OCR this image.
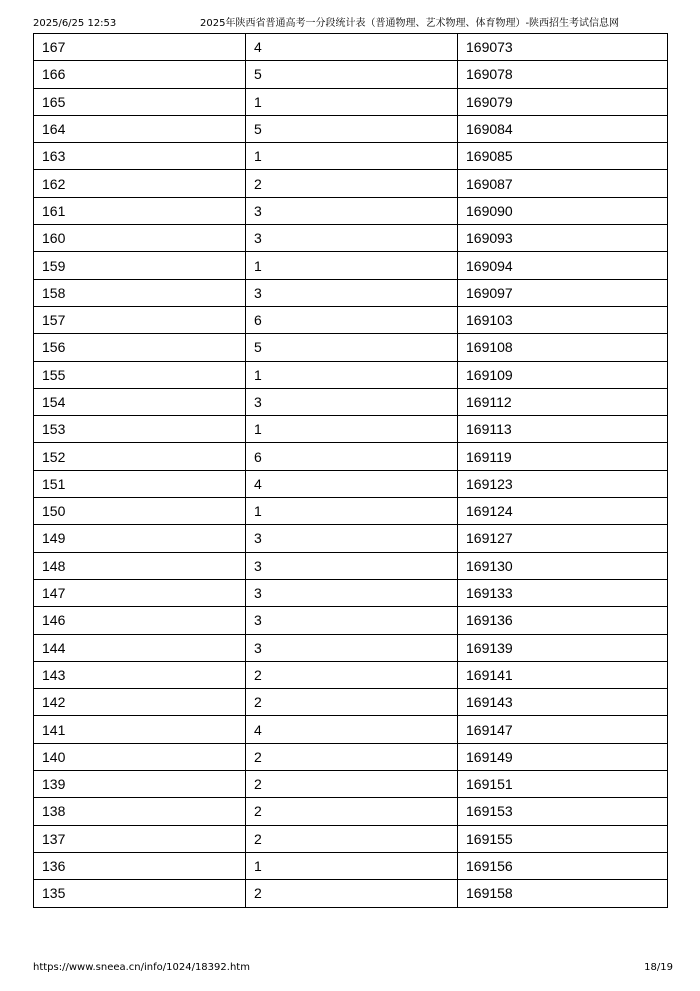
2025/6/25 12:53	2025年陕西省普通高考一分段统计表（普通物理、艺术物理、体育物理）-陕西招生考试信息网
167	4	169073
166	5	169078
165	1	169079
164	5	169084
163	1	169085
162	2	169087
161	3	169090
160	3	169093
159	1	169094
158	3	169097
157	6	169103
156	5	169108
155	1	169109
154	3	169112
153	1	169113
152	6	169119
151	4	169123
150	1	169124
149	3	169127
148	3	169130
147	3	169133
146	3	169136
144	3	169139
143	2	169141
142	2	169143
141	4	169147
140	2	169149
139	2	169151
138	2	169153
137	2	169155
136	1	169156
135	2	169158
https://www.sneea.cn/info/1024/18392.htm	18/19
